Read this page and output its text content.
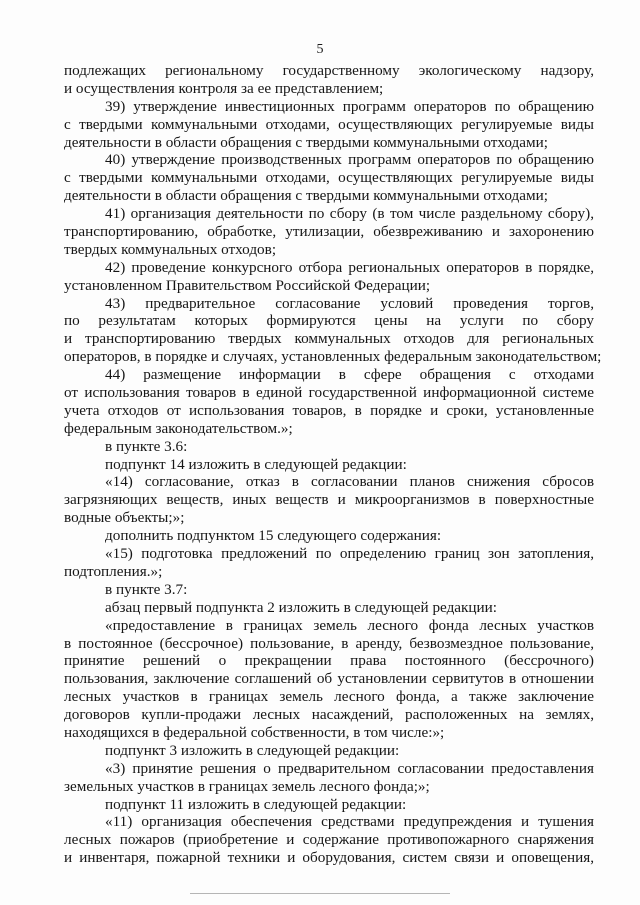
5
подлежащих региональному государственному экологическому надзору,
и осуществления контроля за ее представлением;
39) утверждение инвестиционных программ операторов по обращению
с твердыми коммунальными отходами, осуществляющих регулируемые виды
деятельности в области обращения с твердыми коммунальными отходами;
40) утверждение производственных программ операторов по обращению
с твердыми коммунальными отходами, осуществляющих регулируемые виды
деятельности в области обращения с твердыми коммунальными отходами;
41) организация деятельности по сбору (в том числе раздельному сбору),
транспортированию, обработке, утилизации, обезвреживанию и захоронению
твердых коммунальных отходов;
42) проведение конкурсного отбора региональных операторов в порядке,
установленном Правительством Российской Федерации;
43) предварительное согласование условий проведения торгов,
по результатам которых формируются цены на услуги по сбору
и транспортированию твердых коммунальных отходов для региональных
операторов, в порядке и случаях, установленных федеральным законодательством;
44) размещение информации в сфере обращения с отходами
от использования товаров в единой государственной информационной системе
учета отходов от использования товаров, в порядке и сроки, установленные
федеральным законодательством.»;
в пункте 3.6:
подпункт 14 изложить в следующей редакции:
«14) согласование, отказ в согласовании планов снижения сбросов
загрязняющих веществ, иных веществ и микроорганизмов в поверхностные
водные объекты;»;
дополнить подпунктом 15 следующего содержания:
«15) подготовка предложений по определению границ зон затопления,
подтопления.»;
в пункте 3.7:
абзац первый подпункта 2 изложить в следующей редакции:
«предоставление в границах земель лесного фонда лесных участков
в постоянное (бессрочное) пользование, в аренду, безвозмездное пользование,
принятие решений о прекращении права постоянного (бессрочного)
пользования, заключение соглашений об установлении сервитутов в отношении
лесных участков в границах земель лесного фонда, а также заключение
договоров купли-продажи лесных насаждений, расположенных на землях,
находящихся в федеральной собственности, в том числе:»;
подпункт 3 изложить в следующей редакции:
«3) принятие решения о предварительном согласовании предоставления
земельных участков в границах земель лесного фонда;»;
подпункт 11 изложить в следующей редакции:
«11) организация обеспечения средствами предупреждения и тушения
лесных пожаров (приобретение и содержание противопожарного снаряжения
и инвентаря, пожарной техники и оборудования, систем связи и оповещения,
